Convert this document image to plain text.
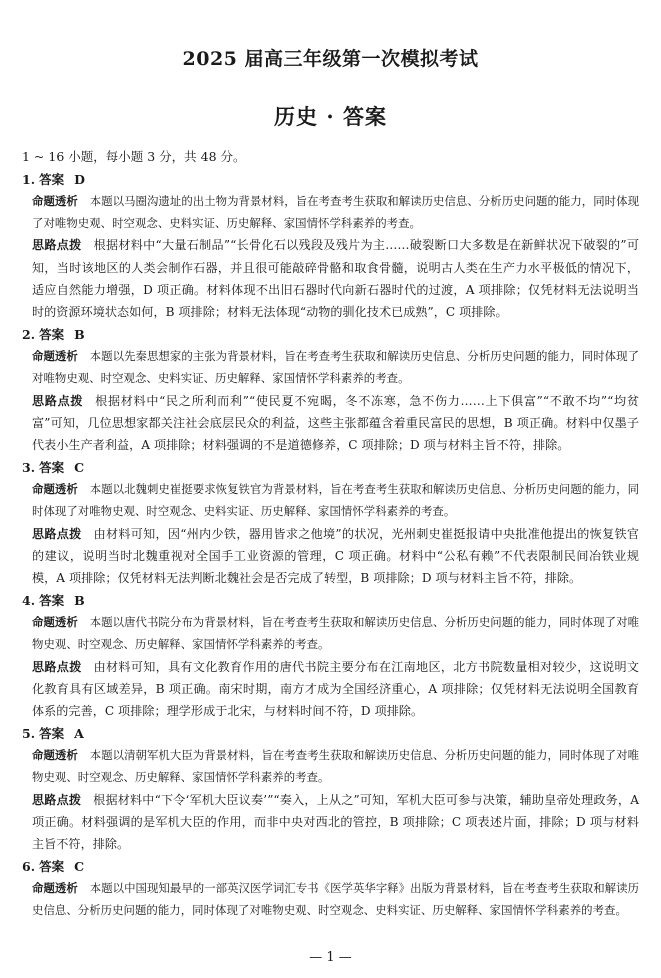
2025 届高三年级第一次模拟考试
历史 · 答案
1 ~ 16 小题，每小题 3 分，共 48 分。
1. 答案 D
命题透析 本题以马圈沟遗址的出土物为背景材料，旨在考查考生获取和解读历史信息、分析历史问题的能力，同时体现了对唯物史观、时空观念、史料实证、历史解释、家国情怀学科素养的考查。
思路点拨 根据材料中“大量石制品”“长骨化石以残段及残片为主……破裂断口大多数是在新鲜状况下破裂的”可知，当时该地区的人类会制作石器，并且很可能敲碎骨骼和取食骨髓，说明古人类在生产力水平极低的情况下，适应自然能力增强，D 项正确。材料体现不出旧石器时代向新石器时代的过渡，A 项排除；仅凭材料无法说明当时的资源环境状态如何，B 项排除；材料无法体现“动物的驯化技术已成熟”，C 项排除。
2. 答案 B
命题透析 本题以先秦思想家的主张为背景材料，旨在考查考生获取和解读历史信息、分析历史问题的能力，同时体现了对唯物史观、时空观念、史料实证、历史解释、家国情怀学科素养的考查。
思路点拨 根据材料中“民之所利而利”“使民夏不宛暍，冬不冻寒，急不伤力……上下俱富”“不敢不均”“均贫富”可知，几位思想家都关注社会底层民众的利益，这些主张都蕴含着重民富民的思想，B 项正确。材料中仅墨子代表小生产者利益，A 项排除；材料强调的不是道德修养，C 项排除；D 项与材料主旨不符，排除。
3. 答案 C
命题透析 本题以北魏刺史崔挺要求恢复铁官为背景材料，旨在考查考生获取和解读历史信息、分析历史问题的能力，同时体现了对唯物史观、时空观念、史料实证、历史解释、家国情怀学科素养的考查。
思路点拨 由材料可知，因“州内少铁，器用皆求之他境”的状况，光州刺史崔挺报请中央批准他提出的恢复铁官的建议，说明当时北魏重视对全国手工业资源的管理，C 项正确。材料中“公私有赖”不代表限制民间冶铁业规模，A 项排除；仅凭材料无法判断北魏社会是否完成了转型，B 项排除；D 项与材料主旨不符，排除。
4. 答案 B
命题透析 本题以唐代书院分布为背景材料，旨在考查考生获取和解读历史信息、分析历史问题的能力，同时体现了对唯物史观、时空观念、历史解释、家国情怀学科素养的考查。
思路点拨 由材料可知，具有文化教育作用的唐代书院主要分布在江南地区，北方书院数量相对较少，这说明文化教育具有区域差异，B 项正确。南宋时期，南方才成为全国经济重心，A 项排除；仅凭材料无法说明全国教育体系的完善，C 项排除；理学形成于北宋，与材料时间不符，D 项排除。
5. 答案 A
命题透析 本题以清朝军机大臣为背景材料，旨在考查考生获取和解读历史信息、分析历史问题的能力，同时体现了对唯物史观、时空观念、历史解释、家国情怀学科素养的考查。
思路点拨 根据材料中“下令‘军机大臣议奏’”“奏入，上从之”可知，军机大臣可参与决策，辅助皇帝处理政务，A 项正确。材料强调的是军机大臣的作用，而非中央对西北的管控，B 项排除；C 项表述片面，排除；D 项与材料主旨不符，排除。
6. 答案 C
命题透析 本题以中国现知最早的一部英汉医学词汇专书《医学英华字释》出版为背景材料，旨在考查考生获取和解读历史信息、分析历史问题的能力，同时体现了对唯物史观、时空观念、史料实证、历史解释、家国情怀学科素养的考查。
— 1 —
